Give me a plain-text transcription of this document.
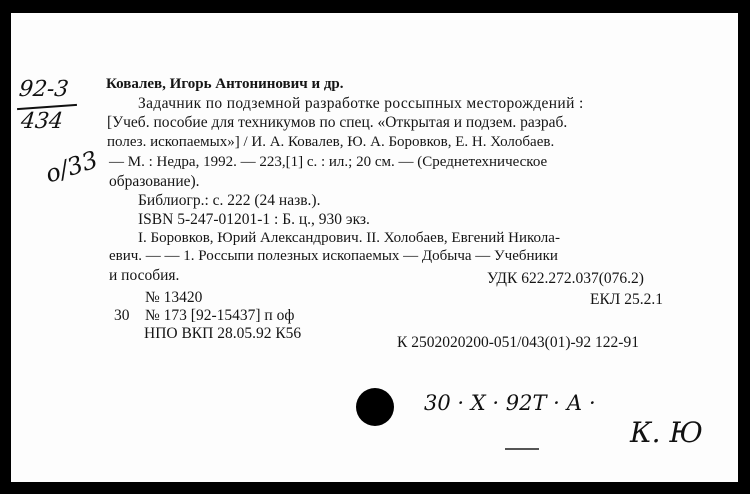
92-3
434
о/33
Ковалев, Игорь Антонинович и др.
Задачник по подземной разработке россыпных месторождений :
[Учеб. пособие для техникумов по спец. «Открытая и подзем. разраб.
полез. ископаемых»] / И. А. Ковалев, Ю. А. Боровков, Е. Н. Холобаев.
— М. : Недра, 1992. — 223,[1] с. : ил.; 20 см. — (Среднетехническое
образование).
Библиогр.: с. 222 (24 назв.).
ISBN 5-247-01201-1 : Б. ц., 930 экз.
I. Боровков, Юрий Александрович. II. Холобаев, Евгений Никола-
евич. — — 1. Россыпи полезных ископаемых — Добыча — Учебники
и пособия.	УДК 622.272.037(076.2)
№ 13420	ЕКЛ 25.2.1
30 № 173 [92-15437] п оф
НПО ВКП 28.05.92 К56
К 2502020200-051/043(01)-92 122-91
30 · Х · 92Т · А ·
К. Ю
